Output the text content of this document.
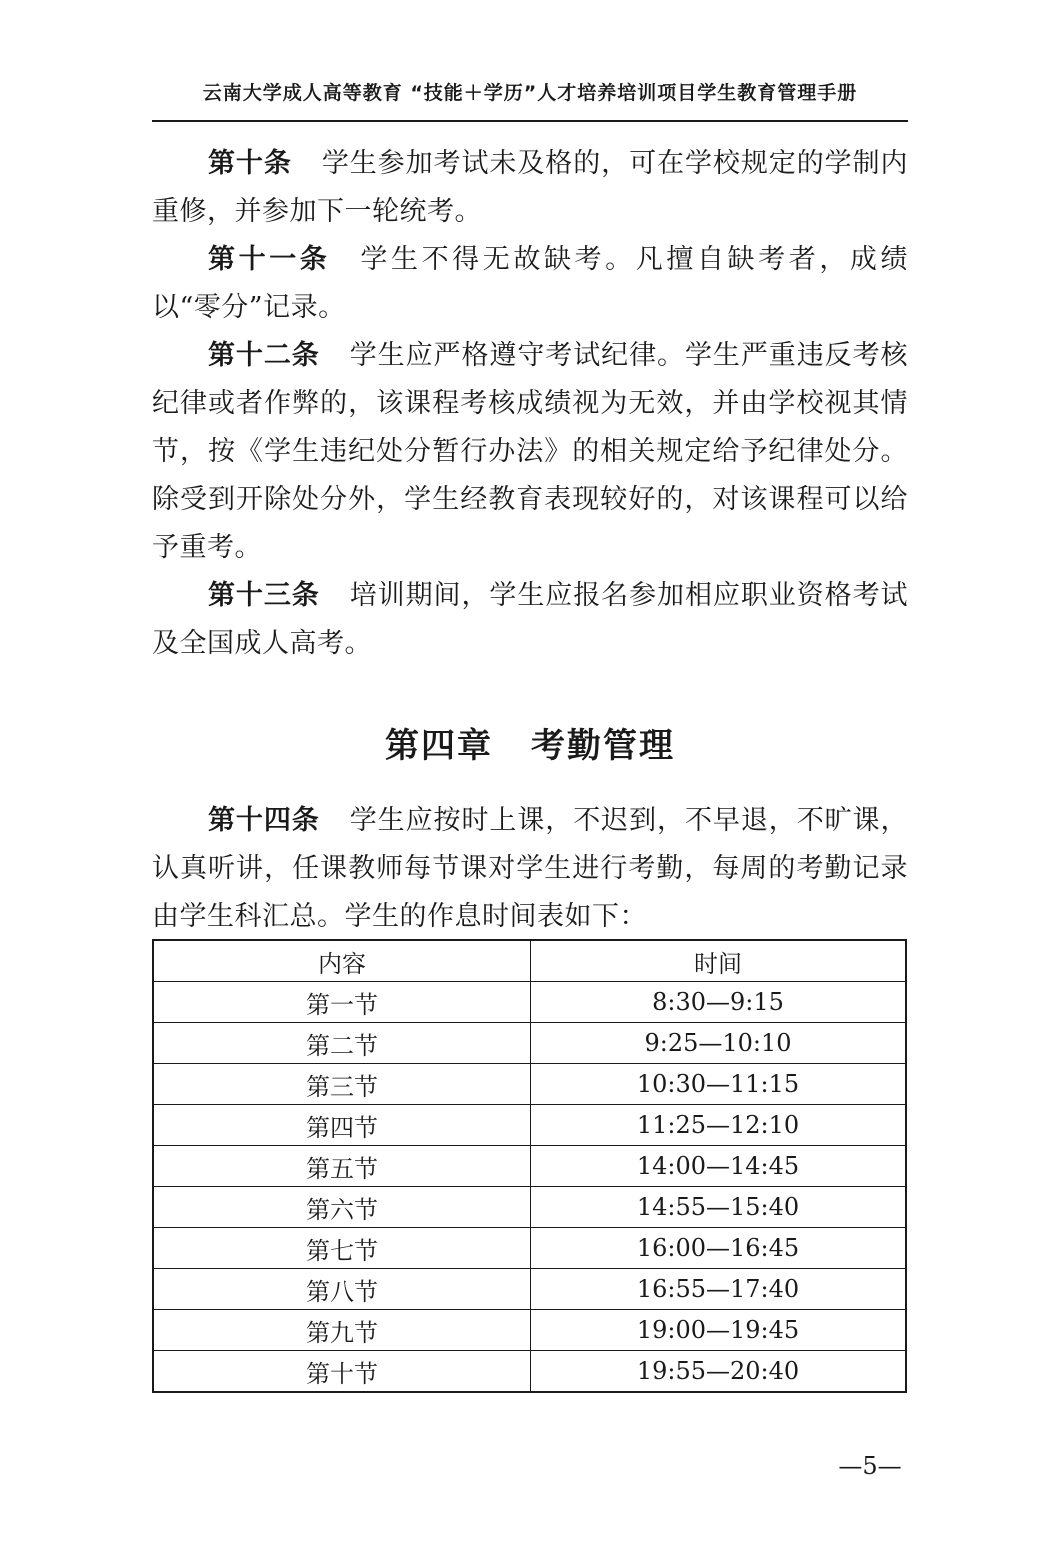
云南大学成人高等教育 “技能＋学历”人才培养培训项目学生教育管理手册

第十条 学生参加考试未及格的，可在学校规定的学制内重修，并参加下一轮统考。

第十一条 学生不得无故缺考。凡擅自缺考者，成绩以“零分”记录。

第十二条 学生应严格遵守考试纪律。学生严重违反考核纪律或者作弊的，该课程考核成绩视为无效，并由学校视其情节，按《学生违纪处分暂行办法》的相关规定给予纪律处分。除受到开除处分外，学生经教育表现较好的，对该课程可以给予重考。

第十三条 培训期间，学生应报名参加相应职业资格考试及全国成人高考。

第四章 考勤管理

第十四条 学生应按时上课，不迟到，不早退，不旷课，认真听讲，任课教师每节课对学生进行考勤，每周的考勤记录由学生科汇总。学生的作息时间表如下：

内容	时间
第一节	8:30—9:15
第二节	9:25—10:10
第三节	10:30—11:15
第四节	11:25—12:10
第五节	14:00—14:45
第六节	14:55—15:40
第七节	16:00—16:45
第八节	16:55—17:40
第九节	19:00—19:45
第十节	19:55—20:40
—5—
